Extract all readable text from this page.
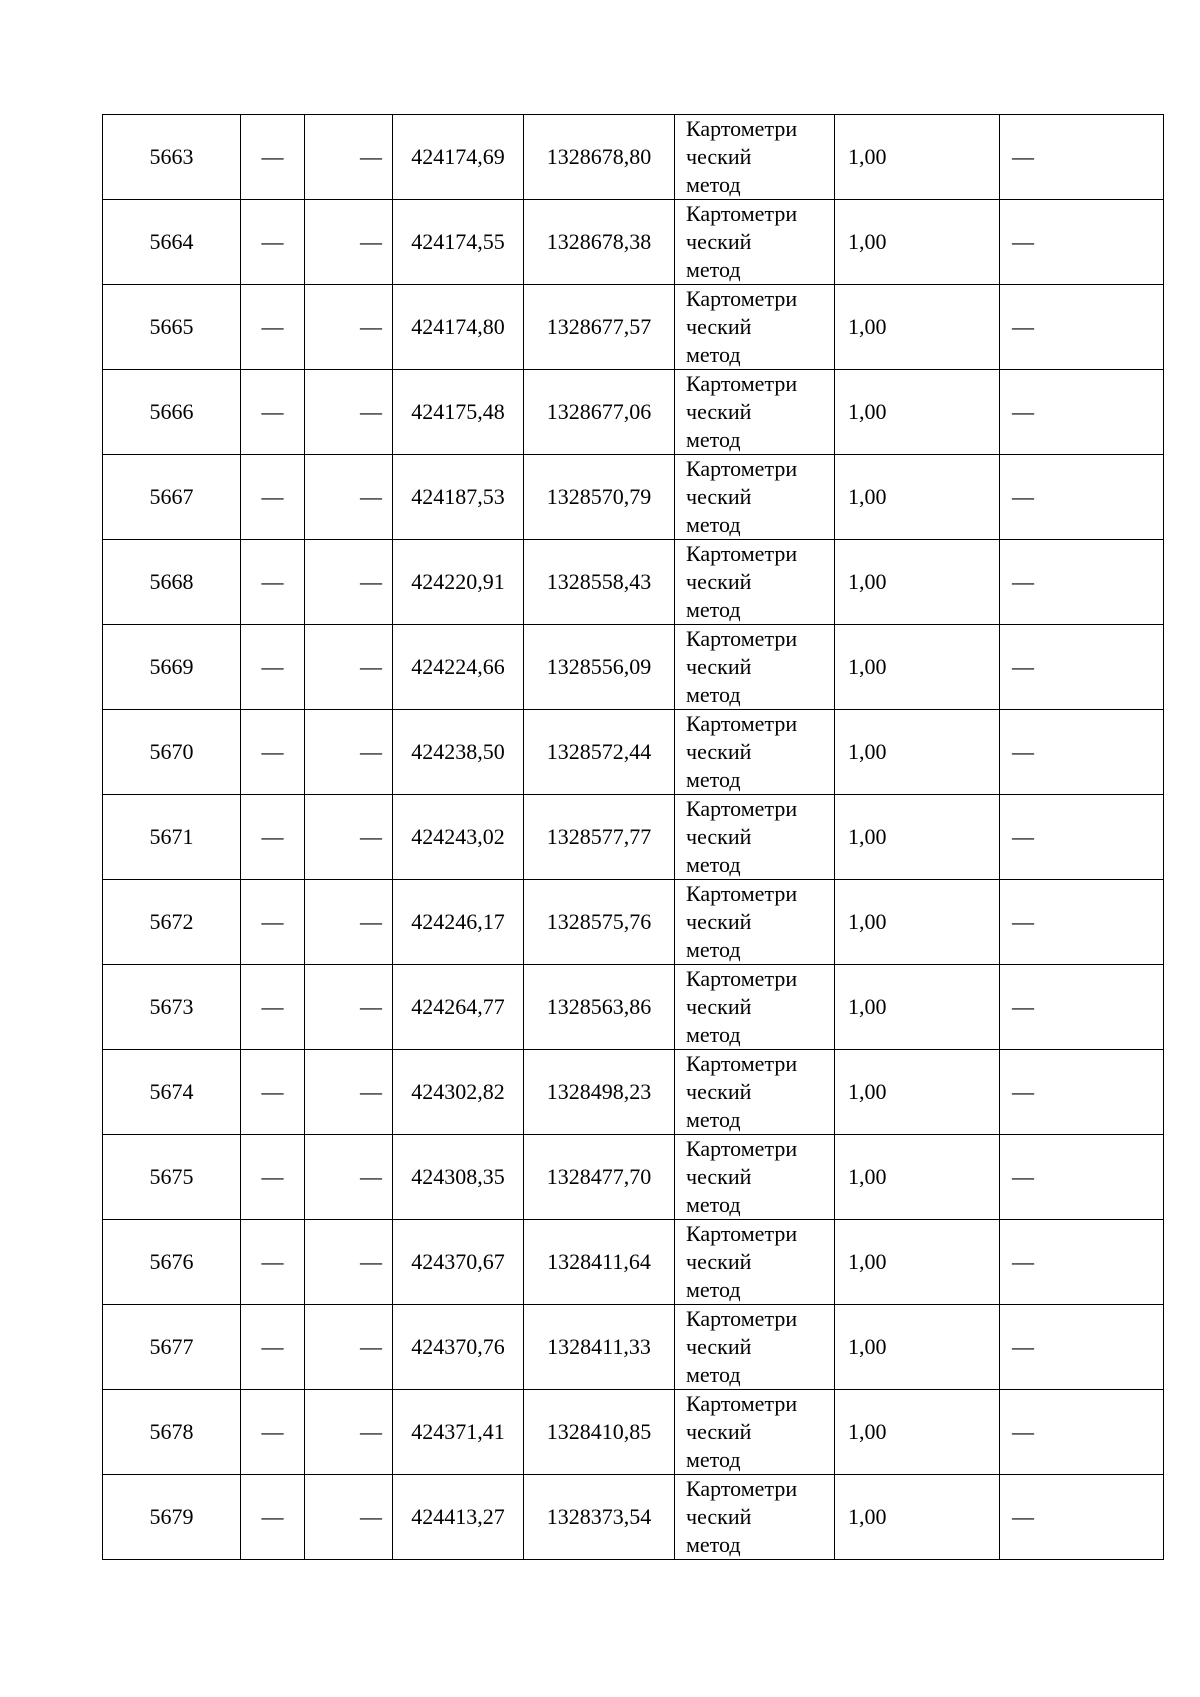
5663	—	—	424174,69	1328678,80	Картометри
ческий
метод	1,00	—
5664	—	—	424174,55	1328678,38	Картометри
ческий
метод	1,00	—
5665	—	—	424174,80	1328677,57	Картометри
ческий
метод	1,00	—
5666	—	—	424175,48	1328677,06	Картометри
ческий
метод	1,00	—
5667	—	—	424187,53	1328570,79	Картометри
ческий
метод	1,00	—
5668	—	—	424220,91	1328558,43	Картометри
ческий
метод	1,00	—
5669	—	—	424224,66	1328556,09	Картометри
ческий
метод	1,00	—
5670	—	—	424238,50	1328572,44	Картометри
ческий
метод	1,00	—
5671	—	—	424243,02	1328577,77	Картометри
ческий
метод	1,00	—
5672	—	—	424246,17	1328575,76	Картометри
ческий
метод	1,00	—
5673	—	—	424264,77	1328563,86	Картометри
ческий
метод	1,00	—
5674	—	—	424302,82	1328498,23	Картометри
ческий
метод	1,00	—
5675	—	—	424308,35	1328477,70	Картометри
ческий
метод	1,00	—
5676	—	—	424370,67	1328411,64	Картометри
ческий
метод	1,00	—
5677	—	—	424370,76	1328411,33	Картометри
ческий
метод	1,00	—
5678	—	—	424371,41	1328410,85	Картометри
ческий
метод	1,00	—
5679	—	—	424413,27	1328373,54	Картометри
ческий
метод	1,00	—
